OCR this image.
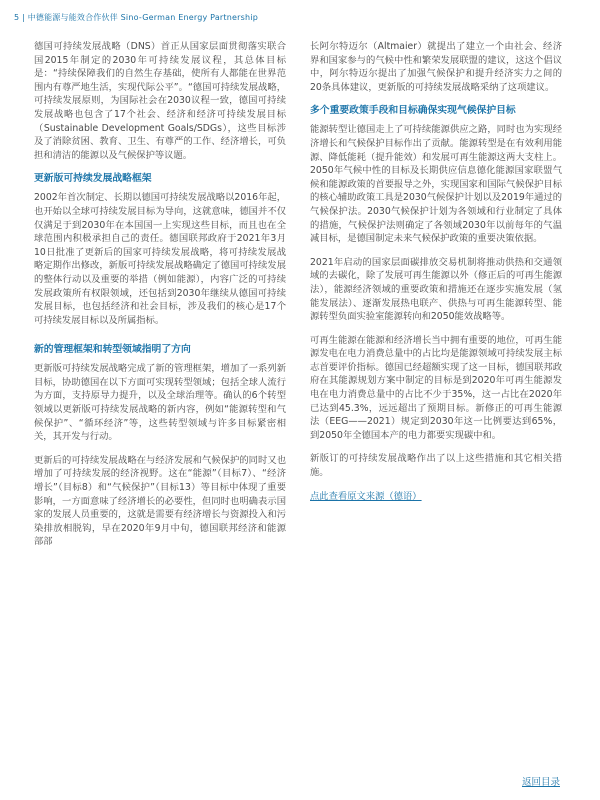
5 | 中德能源与能效合作伙伴 Sino-German Energy Partnership

德国可持续发展战略（DNS）首正从国家层面贯彻落实联合国2015年制定的2030年可持续发展议程，其总体目标是：“持续保障我们的自然生存基础，使所有人都能在世界范围内有尊严地生活，实现代际公平”。“德国可持续发展战略，可持续发展原则，为国际社会在2030议程一致，德国可持续发展战略也包含了17个社会、经济和经济可持续发展目标（Sustainable Development Goals/SDGs），这些目标涉及了消除贫困、教育、卫生、有尊严的工作、经济增长，可负担和清洁的能源以及气候保护等议题。

更新版可持续发展战略框架

2002年首次制定、长期以德国可持续发展战略以2016年起，也开始以全球可持续发展目标为导向，这就意味，德国并不仅仅满足于到2030年在本国国一上实现这些目标，而且也在全球范围内积极承担自己的责任。德国联邦政府于2021年3月10日批准了更新后的国家可持续发展战略，将可持续发展战略定期作出修改，新版可持续发展战略确定了德国可持续发展的整体行动以及重要的举措（例如能源），内容广泛的可持续发展政策所有权限领域，还包括到2030年继续从德国可持续发展目标，也包括经济和社会目标，涉及我们的核心是17个可持续发展目标以及所属指标。

新的管理框架和转型领域指明了方向

更新版可持续发展战略完成了新的管理框架，增加了一系列新目标，协助德国在以下方面可实现转型领域；包括全球人流行为方面，支持原导力提升，以及全球治理等。确认的6个转型领域以更新版可持续发展战略的新内容，例如“能源转型和气候保护”、“循环经济”等，这些转型领域与许多目标紧密相关，其开发与行动。

更新后的可持续发展战略在与经济发展和气候保护的同时又也增加了可持续发展的经济视野。这在“能源”（目标7）、“经济增长”（目标8）和“气候保护”（目标13）等目标中体现了重要影响，一方面意味了经济增长的必要性，但同时也明确表示国家的发展人员重要的，这就是需要有经济增长与资源投入和污染排放相脱钩，早在2020年9月中旬，德国联邦经济和能源部部

长阿尔特迈尔（Altmaier）就提出了建立一个由社会、经济界和国家参与的气候中性和繁荣发展联盟的建议，这这个倡议中，阿尔特迈尔提出了加强气候保护和提升经济实力之间的20条具体建议，更新版的可持续发展战略采纳了这项建议。

多个重要政策手段和目标确保实现气候保护目标

能源转型让德国走上了可持续能源供应之路，同时也为实现经济增长和气候保护目标作出了贡献。能源转型是在有效利用能源、降低能耗（提升能效）和发展可再生能源这两大支柱上。2050年气候中性的目标及长期供应信息德化能源国家联盟气候和能源政策的首要报导之外，实现国家和国际气候保护目标的核心辅助政策工具是2030气候保护计划以及2019年通过的气候保护法。2030气候保护计划为各领域和行业制定了具体的措施，气候保护法则确定了各领域2030年以前每年的气温减目标，是德国制定未来气候保护政策的重要决策依据。

2021年启动的国家层面碳排放交易机制将推动供热和交通领域的去碳化，除了发展可再生能源以外（修正后的可再生能源法），能源经济领域的重要政策和措施还在逐步实施发展（氢能发展法）、逐渐发展热电联产、供热与可再生能源转型、能源转型负面实验室能源转向和2050能效战略等。

可再生能源在能源和经济增长当中拥有重要的地位，可再生能源发电在电力消费总量中的占比均是能源领域可持续发展主标志首要评价指标。德国已经超额实现了这一目标，德国联邦政府在其能源规划方案中制定的目标是到2020年可再生能源发电在电力消费总量中的占比不少于35%，这一占比在2020年已达到45.3%，远远超出了预期目标。新修正的可再生能源法（EEG——2021）规定到2030年这一比例要达到65%，到2050年全德国本产的电力都要实现碳中和。

新版订的可持续发展战略作出了以上这些措施和其它相关措施。

点此查看原文来源（德语）

返回目录
